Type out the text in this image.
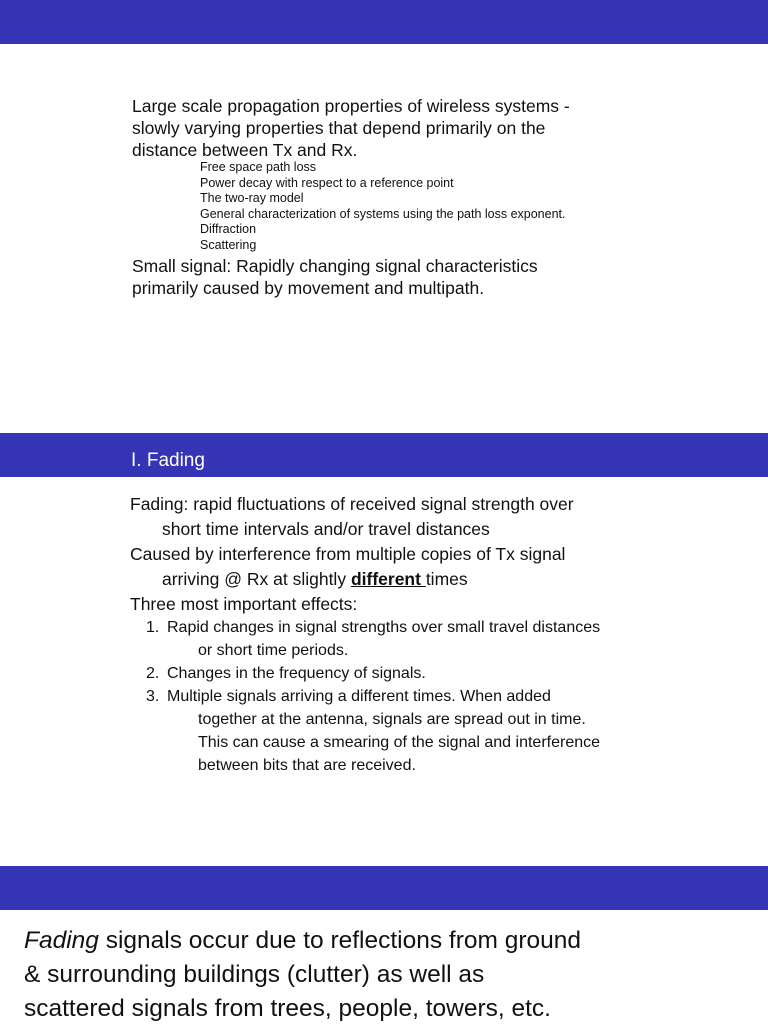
Large scale propagation properties of wireless systems -
slowly varying properties that depend primarily on the
distance between Tx and Rx.

Free space path loss
Power decay with respect to a reference point
The two-ray model
General characterization of systems using the path loss exponent.
Diffraction
Scattering

Small signal: Rapidly changing signal characteristics
primarily caused by movement and multipath.

I. Fading

Fading: rapid fluctuations of received signal strength over
short time intervals and/or travel distances

Caused by interference from multiple copies of Tx signal
arriving @ Rx at slightly different times

Three most important effects:

1. Rapid changes in signal strengths over small travel distances
or short time periods.
2. Changes in the frequency of signals.
3. Multiple signals arriving a different times. When added
together at the antenna, signals are spread out in time.
This can cause a smearing of the signal and interference
between bits that are received.

Fading signals occur due to reflections from ground
& surrounding buildings (clutter) as well as
scattered signals from trees, people, towers, etc.
